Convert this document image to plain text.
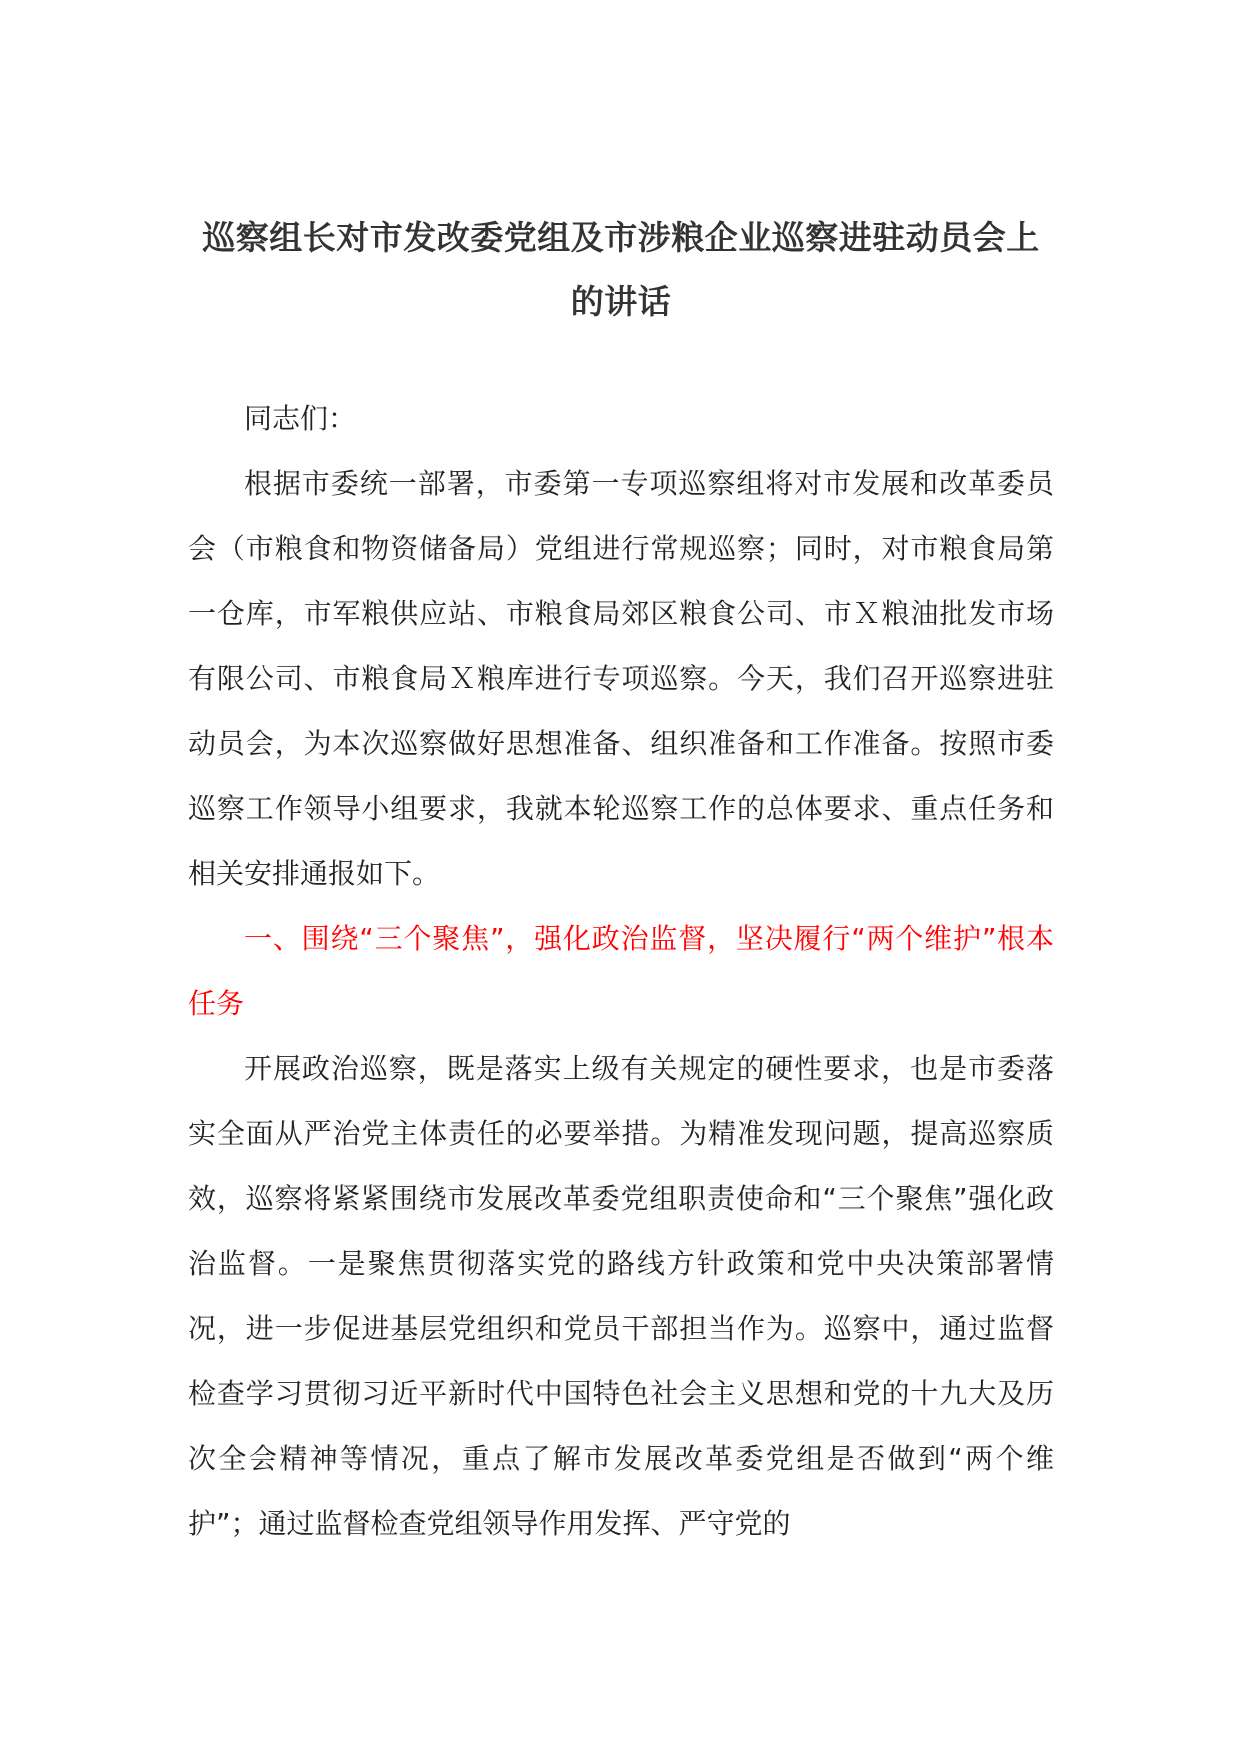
巡察组长对市发改委党组及市涉粮企业巡察进驻动员会上的讲话

同志们：

根据市委统一部署，市委第一专项巡察组将对市发展和改革委员会（市粮食和物资储备局）党组进行常规巡察；同时，对市粮食局第一仓库，市军粮供应站、市粮食局郊区粮食公司、市Ｘ粮油批发市场有限公司、市粮食局Ｘ粮库进行专项巡察。今天，我们召开巡察进驻动员会，为本次巡察做好思想准备、组织准备和工作准备。按照市委巡察工作领导小组要求，我就本轮巡察工作的总体要求、重点任务和相关安排通报如下。

一、围绕“三个聚焦”，强化政治监督，坚决履行“两个维护”根本任务

开展政治巡察，既是落实上级有关规定的硬性要求，也是市委落实全面从严治党主体责任的必要举措。为精准发现问题，提高巡察质效，巡察将紧紧围绕市发展改革委党组职责使命和“三个聚焦”强化政治监督。一是聚焦贯彻落实党的路线方针政策和党中央决策部署情况，进一步促进基层党组织和党员干部担当作为。巡察中，通过监督检查学习贯彻习近平新时代中国特色社会主义思想和党的十九大及历次全会精神等情况，重点了解市发展改革委党组是否做到“两个维护”；通过监督检查党组领导作用发挥、严守党的
